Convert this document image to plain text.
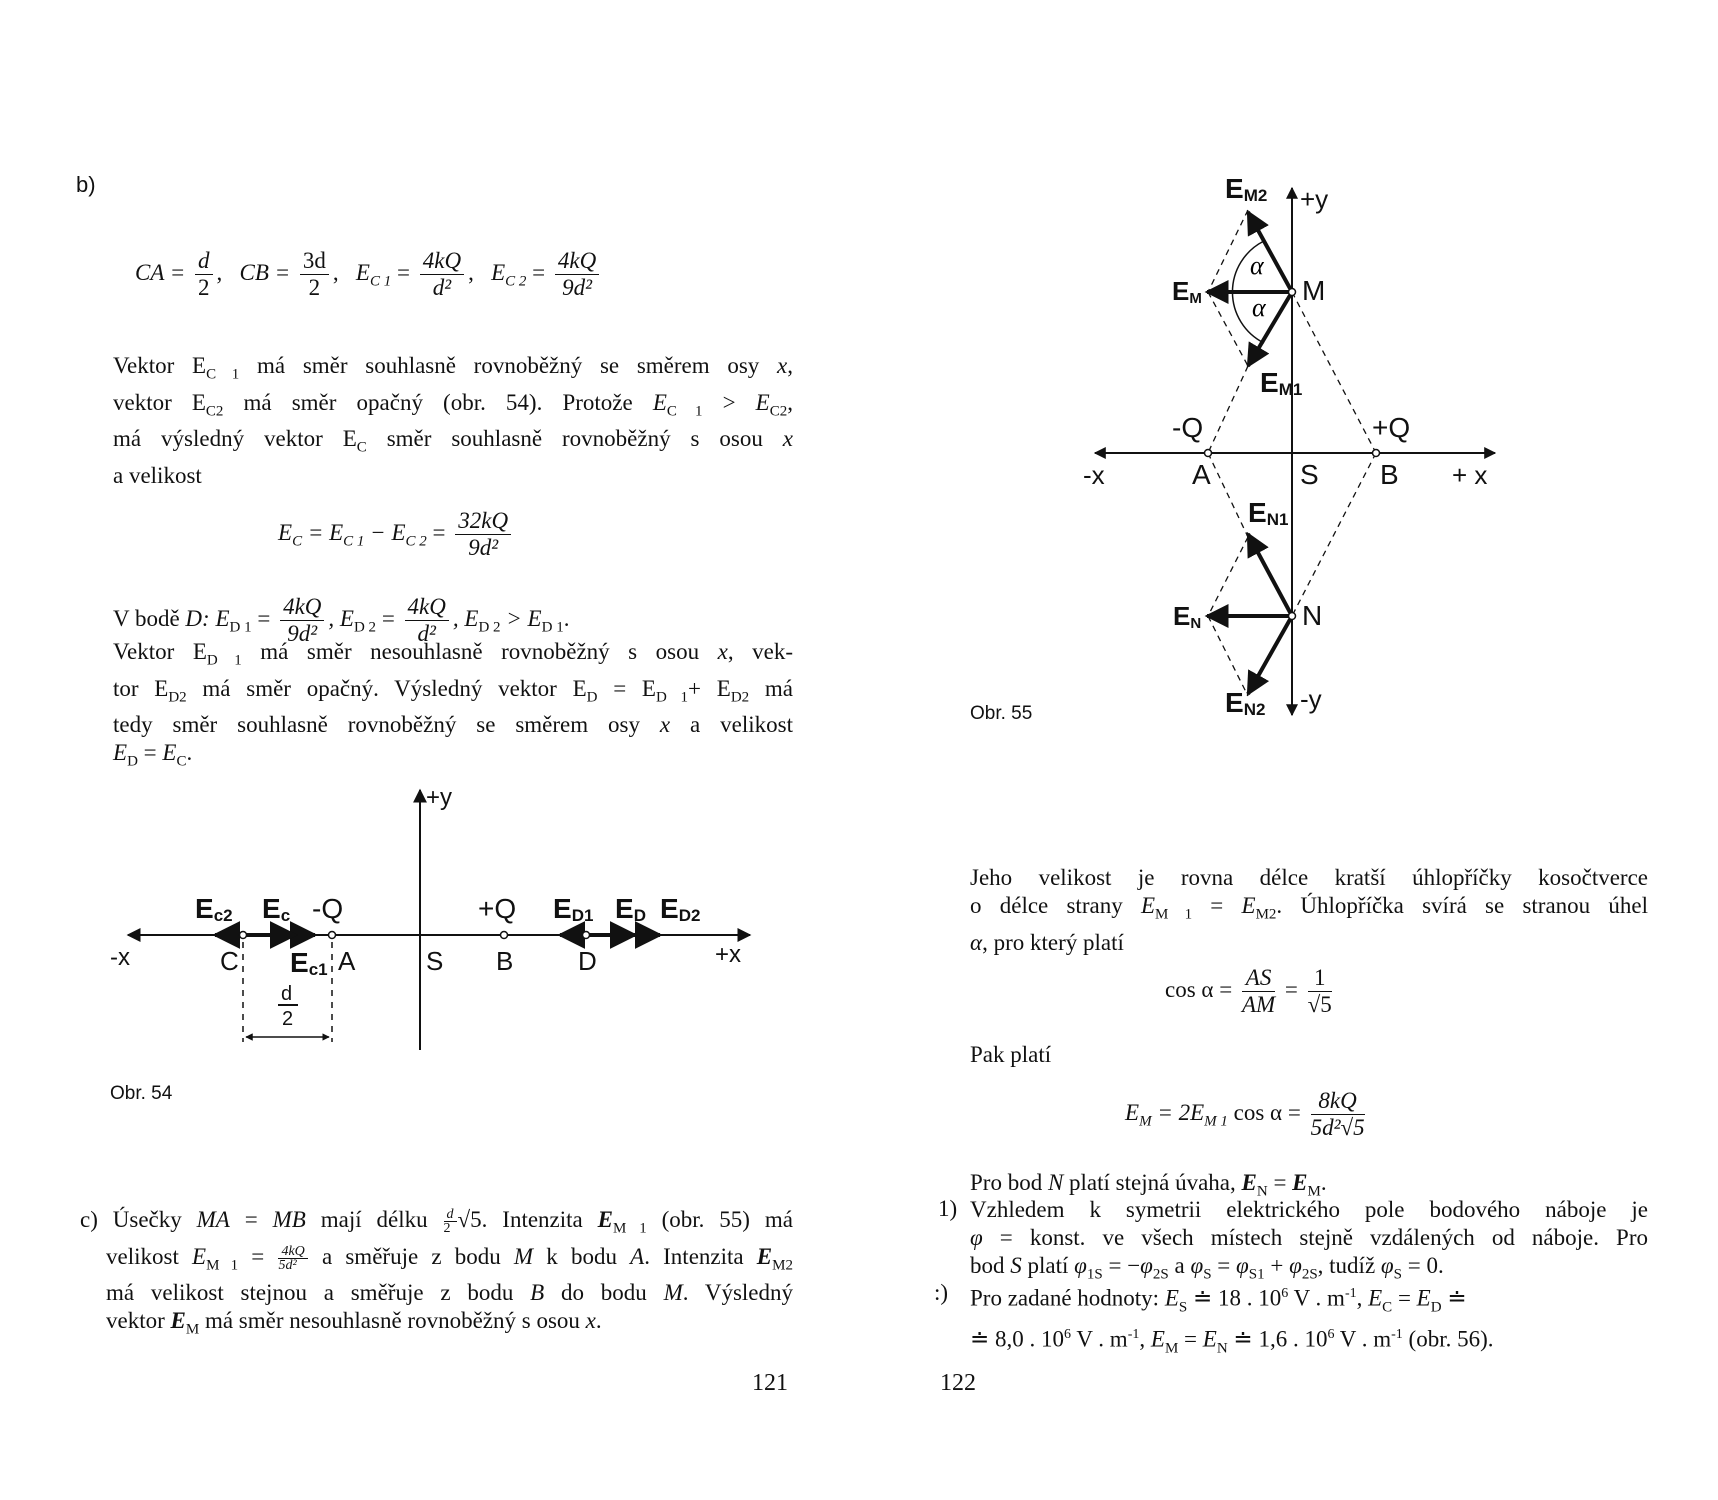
b)
CA = $\frac{d}{2}$ , CB = $\frac{3d}{2}$ , $E_{C 1} = \frac{4kQ}{\text{d²}}$ , $E_{C 2} = \frac{4kQ}{\text{9d²}}$
Vektor $E_{C 1}$ má směr souhlasně rovnoběžný se směrem osy x,
vektor $E_{C2}$ má směr opačný (obr. 54). Protože $E_{C 1} > E_{C2}$,
má výsledný vektor $E_C$ směr souhlasně rovnoběžný s osou x
a velikost
$E_C = E_{C 1} - E_{C 2} = \frac{32kQ}{\text{9d²}}$
V bodě D: $E_{D 1} = \frac{4kQ}{\text{9d²}}$ , $E_{D 2} = \frac{4kQ}{\text{d²}}$ , $E_{D 2} > E_{D 1}$.
Vektor $E_{D 1}$ má směr nesouhlasně rovnoběžný s osou x, vek-
tor $E_{D2}$ má směr opačný. Výsledný vektor $E_D = E_{D 1}+ E_{D2}$ má
tedy směr souhlasně rovnoběžný se směrem osy x a velikost
$E_D = E_C$.
+y
-x	+x
Ec2 Ec -Q	+Q ED1 ED ED2
C Ec1 A	S B D
d
2
Obr. 54
c) Úsečky MA = MB mají délku $\frac{d}{2} √5$. Intenzita $E_{M 1}$ (obr. 55) má
velikost $E_{M 1} = \frac{4kQ}{\text{5d²}}$ a směřuje z bodu M k bodu A. Intenzita $E_{M2}$
má velikost stejnou a směřuje z bodu B do bodu M. Výsledný
vektor $E_M$ má směr nesouhlasně rovnoběžný s osou x.
121
EM2 +y
EM
α
α
M
EM1
-Q	+Q
-x	A	S B + x
EN1
EN	N
EN2 -y
Obr. 55
Jeho velikost je rovna délce kratší úhlopříčky kosočtverce
o délce strany $E_{M 1} = E_{M2}$. Úhlopříčka svírá se stranou úhel
α, pro který platí
$\cos \alpha = \frac{AS}{AM} = \frac{1}{√5}$
Pak platí
$E_M = 2E_{M 1}$ $\cos \alpha = \frac{8kQ}{\text{5d²√5}}$
Pro bod N platí stejná úvaha, $E_N = E_M$.
1) Vzhledem k symetrii elektrického pole bodového náboje je
φ = konst. ve všech místech stejně vzdálených od náboje. Pro
bod S platí $\varphi_{1S} = -\varphi_{2S}$ a $\varphi_S = \varphi_{S1} + \varphi_{2S}$, tudíž $\varphi_S = 0$.
:) Pro zadané hodnoty: $E_S$ ≐ 18 . $10^6$ V . $m^{-1}$, $E_C = E_D$ ≐
≐ 8,0 . $10^6$ V . $m^{-1}$, $E_M = E_N$ ≐ 1,6 . $10^6$ V . $m^{-1}$ (obr. 56).
122
